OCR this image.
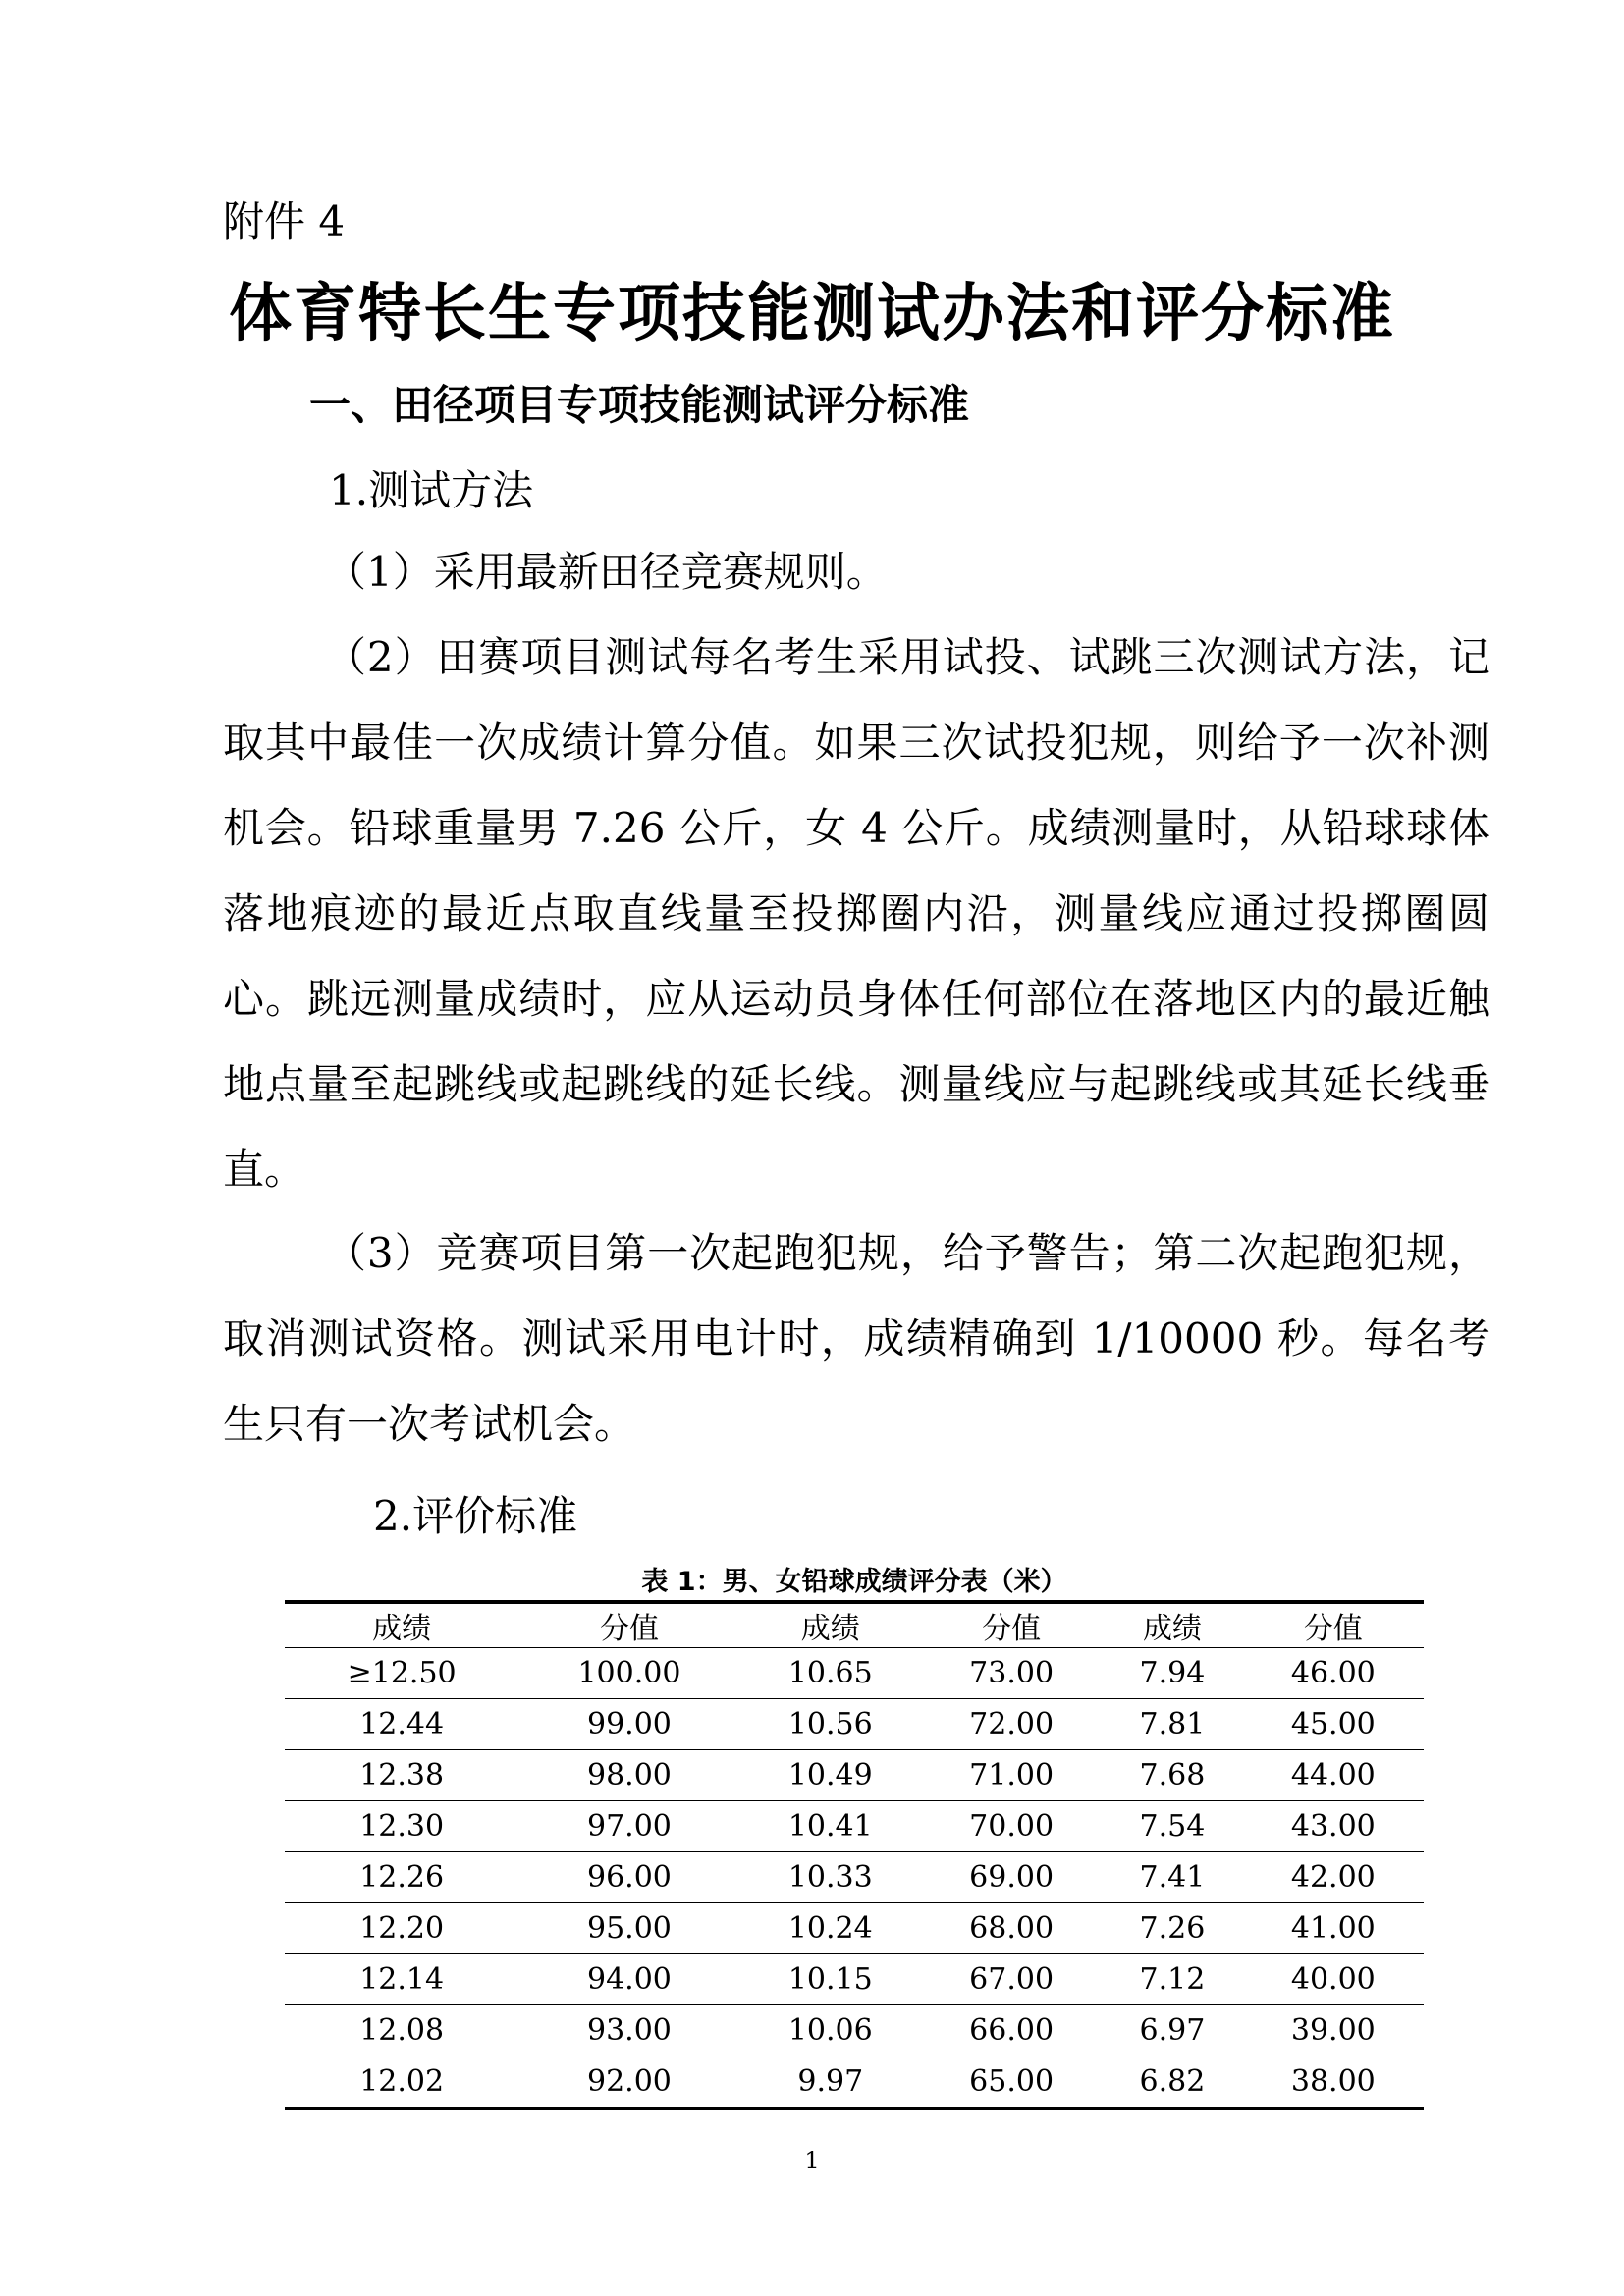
附件 4
体育特长生专项技能测试办法和评分标准
一、田径项目专项技能测试评分标准
1.测试方法

（1）采用最新田径竞赛规则。

（2）田赛项目测试每名考生采用试投、试跳三次测试方法，记取其中最佳一次成绩计算分值。如果三次试投犯规，则给予一次补测机会。铅球重量男 7.26 公斤，女 4 公斤。成绩测量时，从铅球球体落地痕迹的最近点取直线量至投掷圈内沿，测量线应通过投掷圈圆心。跳远测量成绩时，应从运动员身体任何部位在落地区内的最近触地点量至起跳线或起跳线的延长线。测量线应与起跳线或其延长线垂直。

（3）竞赛项目第一次起跑犯规，给予警告；第二次起跑犯规，取消测试资格。测试采用电计时，成绩精确到 1/10000 秒。每名考生只有一次考试机会。

2.评价标准
表 1：男、女铅球成绩评分表（米）
成绩	分值	成绩	分值	成绩	分值
≥12.50	100.00	10.65	73.00	7.94	46.00
12.44	99.00	10.56	72.00	7.81	45.00
12.38	98.00	10.49	71.00	7.68	44.00
12.30	97.00	10.41	70.00	7.54	43.00
12.26	96.00	10.33	69.00	7.41	42.00
12.20	95.00	10.24	68.00	7.26	41.00
12.14	94.00	10.15	67.00	7.12	40.00
12.08	93.00	10.06	66.00	6.97	39.00
12.02	92.00	9.97	65.00	6.82	38.00
1
